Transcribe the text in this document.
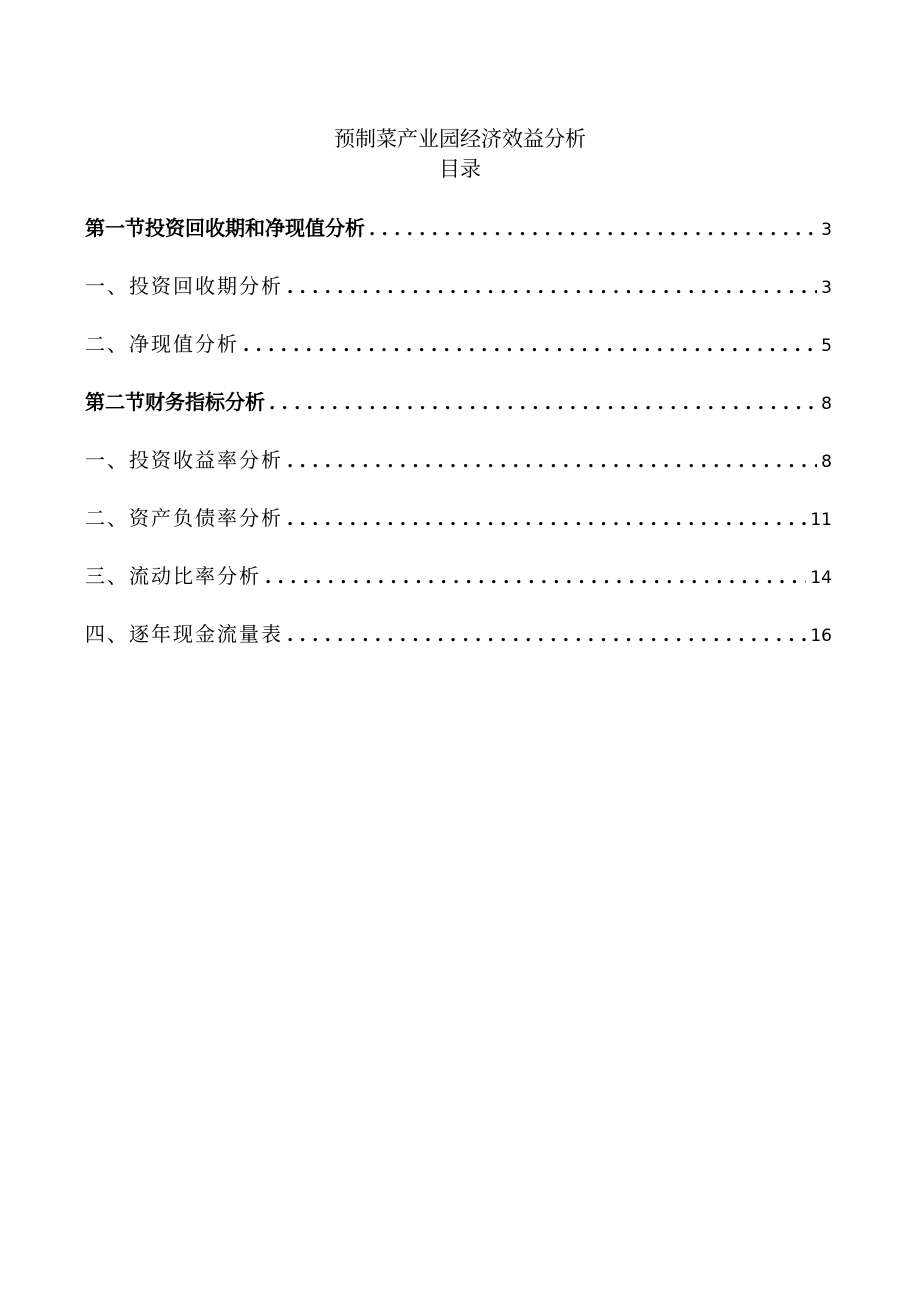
预制菜产业园经济效益分析
目录
第一节投资回收期和净现值分析 . . .	3
一、投资回收期分析 . . .	3
二、净现值分析 . . .	5
第二节财务指标分析 . . .	8
一、投资收益率分析 . . .	8
二、资产负债率分析 . . .	11
三、流动比率分析 . . .	14
四、逐年现金流量表 . . .	16
